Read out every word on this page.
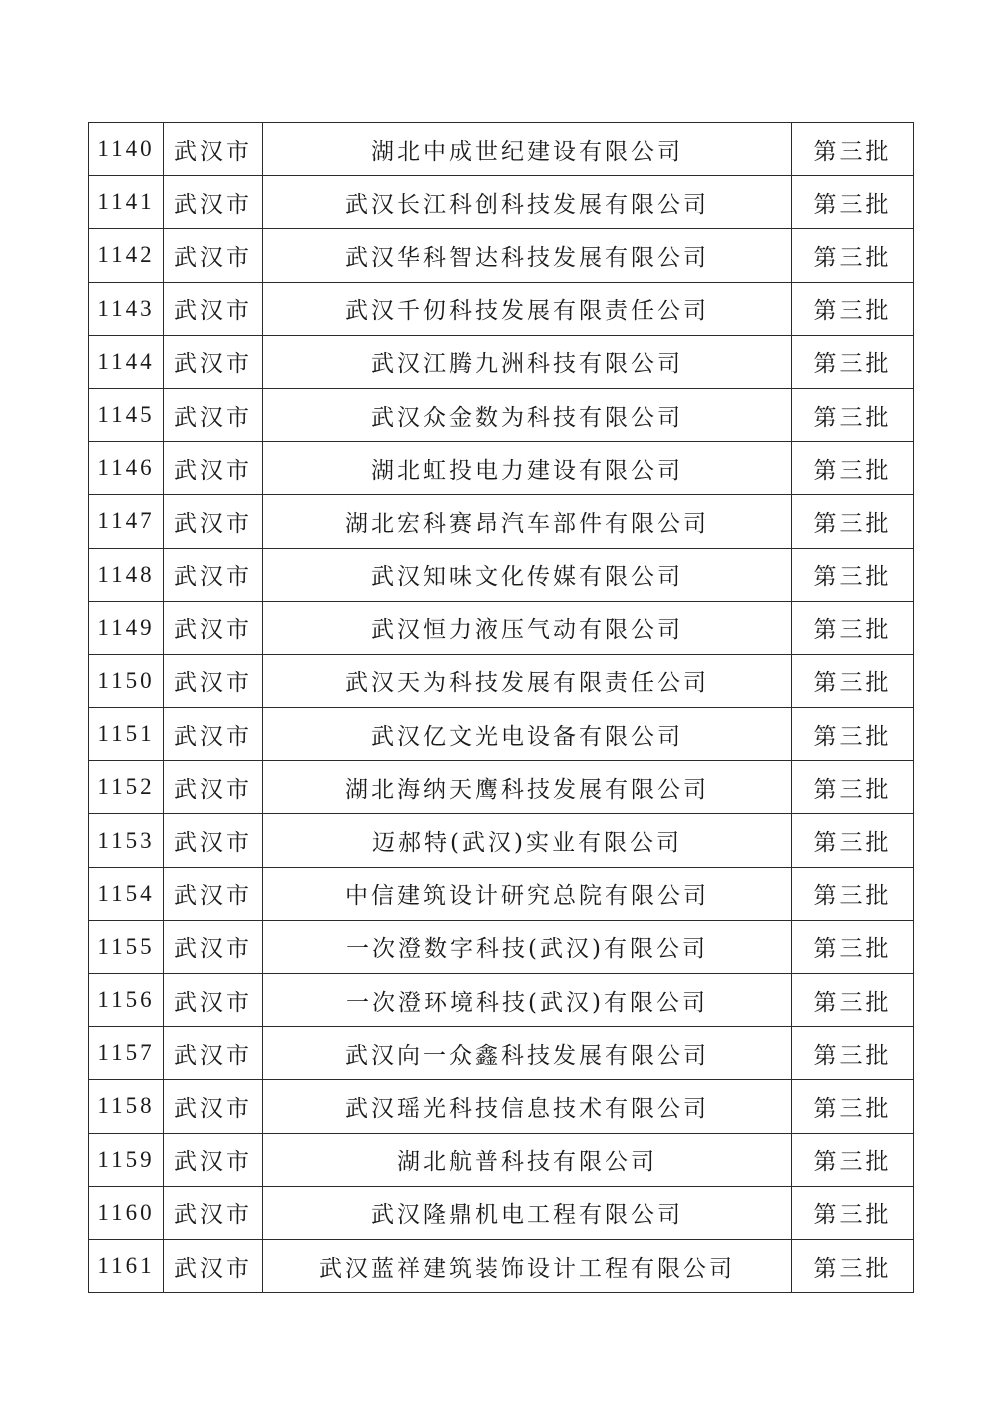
1140	武汉市	湖北中成世纪建设有限公司	第三批
1141	武汉市	武汉长江科创科技发展有限公司	第三批
1142	武汉市	武汉华科智达科技发展有限公司	第三批
1143	武汉市	武汉千仞科技发展有限责任公司	第三批
1144	武汉市	武汉江腾九洲科技有限公司	第三批
1145	武汉市	武汉众金数为科技有限公司	第三批
1146	武汉市	湖北虹投电力建设有限公司	第三批
1147	武汉市	湖北宏科赛昂汽车部件有限公司	第三批
1148	武汉市	武汉知味文化传媒有限公司	第三批
1149	武汉市	武汉恒力液压气动有限公司	第三批
1150	武汉市	武汉天为科技发展有限责任公司	第三批
1151	武汉市	武汉亿文光电设备有限公司	第三批
1152	武汉市	湖北海纳天鹰科技发展有限公司	第三批
1153	武汉市	迈郝特(武汉)实业有限公司	第三批
1154	武汉市	中信建筑设计研究总院有限公司	第三批
1155	武汉市	一次澄数字科技(武汉)有限公司	第三批
1156	武汉市	一次澄环境科技(武汉)有限公司	第三批
1157	武汉市	武汉向一众鑫科技发展有限公司	第三批
1158	武汉市	武汉瑶光科技信息技术有限公司	第三批
1159	武汉市	湖北航普科技有限公司	第三批
1160	武汉市	武汉隆鼎机电工程有限公司	第三批
1161	武汉市	武汉蓝祥建筑装饰设计工程有限公司	第三批
